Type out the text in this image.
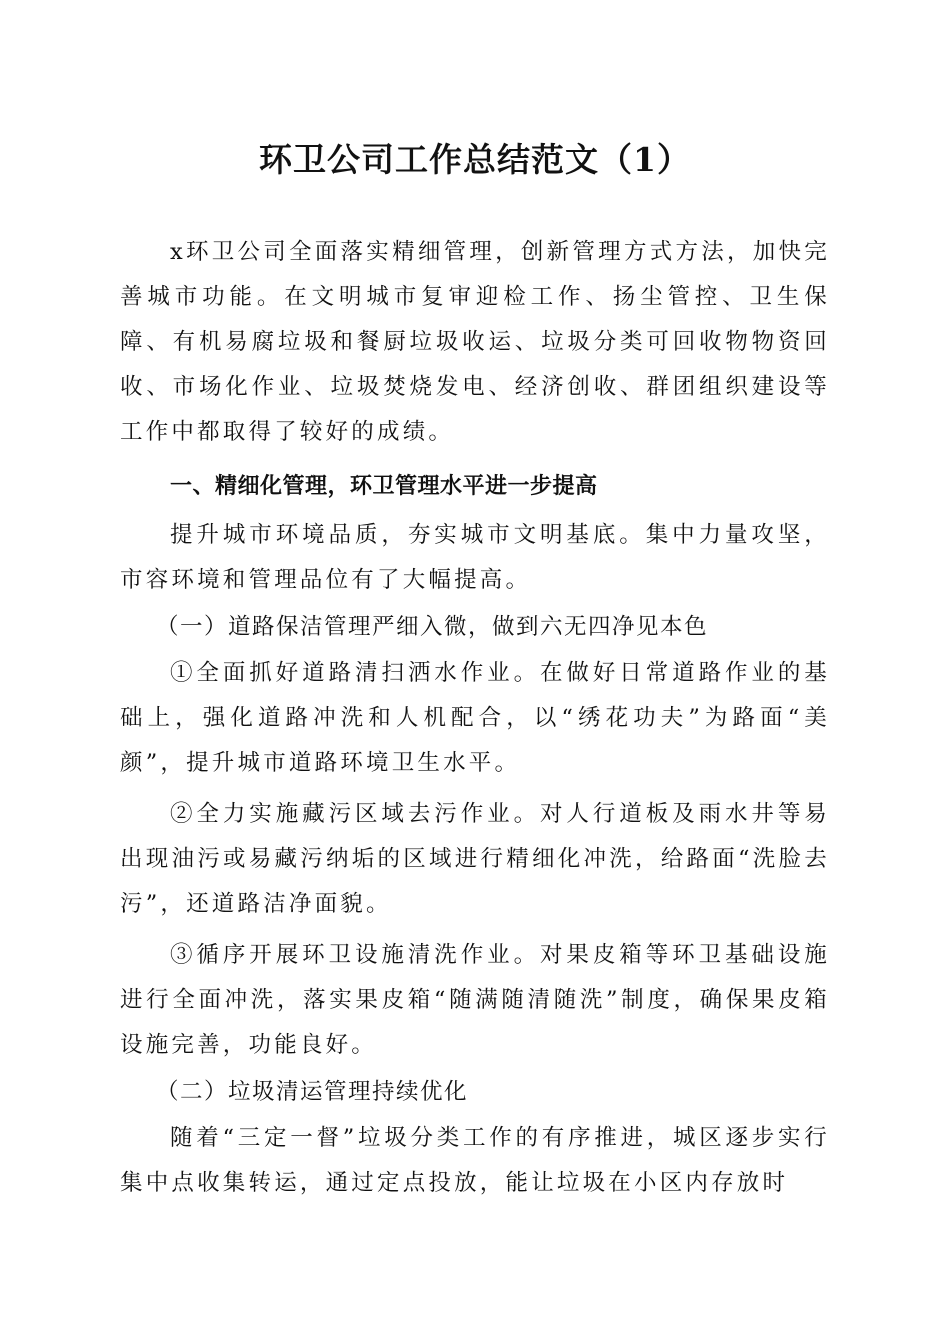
环卫公司工作总结范文（1）

x环卫公司全面落实精细管理，创新管理方式方法，加快完善城市功能。在文明城市复审迎检工作、扬尘管控、卫生保障、有机易腐垃圾和餐厨垃圾收运、垃圾分类可回收物物资回收、市场化作业、垃圾焚烧发电、经济创收、群团组织建设等工作中都取得了较好的成绩。

一、精细化管理，环卫管理水平进一步提高

提升城市环境品质，夯实城市文明基底。集中力量攻坚，市容环境和管理品位有了大幅提高。

（一）道路保洁管理严细入微，做到六无四净见本色

①全面抓好道路清扫洒水作业。在做好日常道路作业的基础上，强化道路冲洗和人机配合，以“绣花功夫”为路面“美颜”，提升城市道路环境卫生水平。

②全力实施藏污区域去污作业。对人行道板及雨水井等易出现油污或易藏污纳垢的区域进行精细化冲洗，给路面“洗脸去污”，还道路洁净面貌。

③循序开展环卫设施清洗作业。对果皮箱等环卫基础设施进行全面冲洗，落实果皮箱“随满随清随洗”制度，确保果皮箱设施完善，功能良好。

（二）垃圾清运管理持续优化

随着“三定一督”垃圾分类工作的有序推进，城区逐步实行集中点收集转运，通过定点投放，能让垃圾在小区内存放时
